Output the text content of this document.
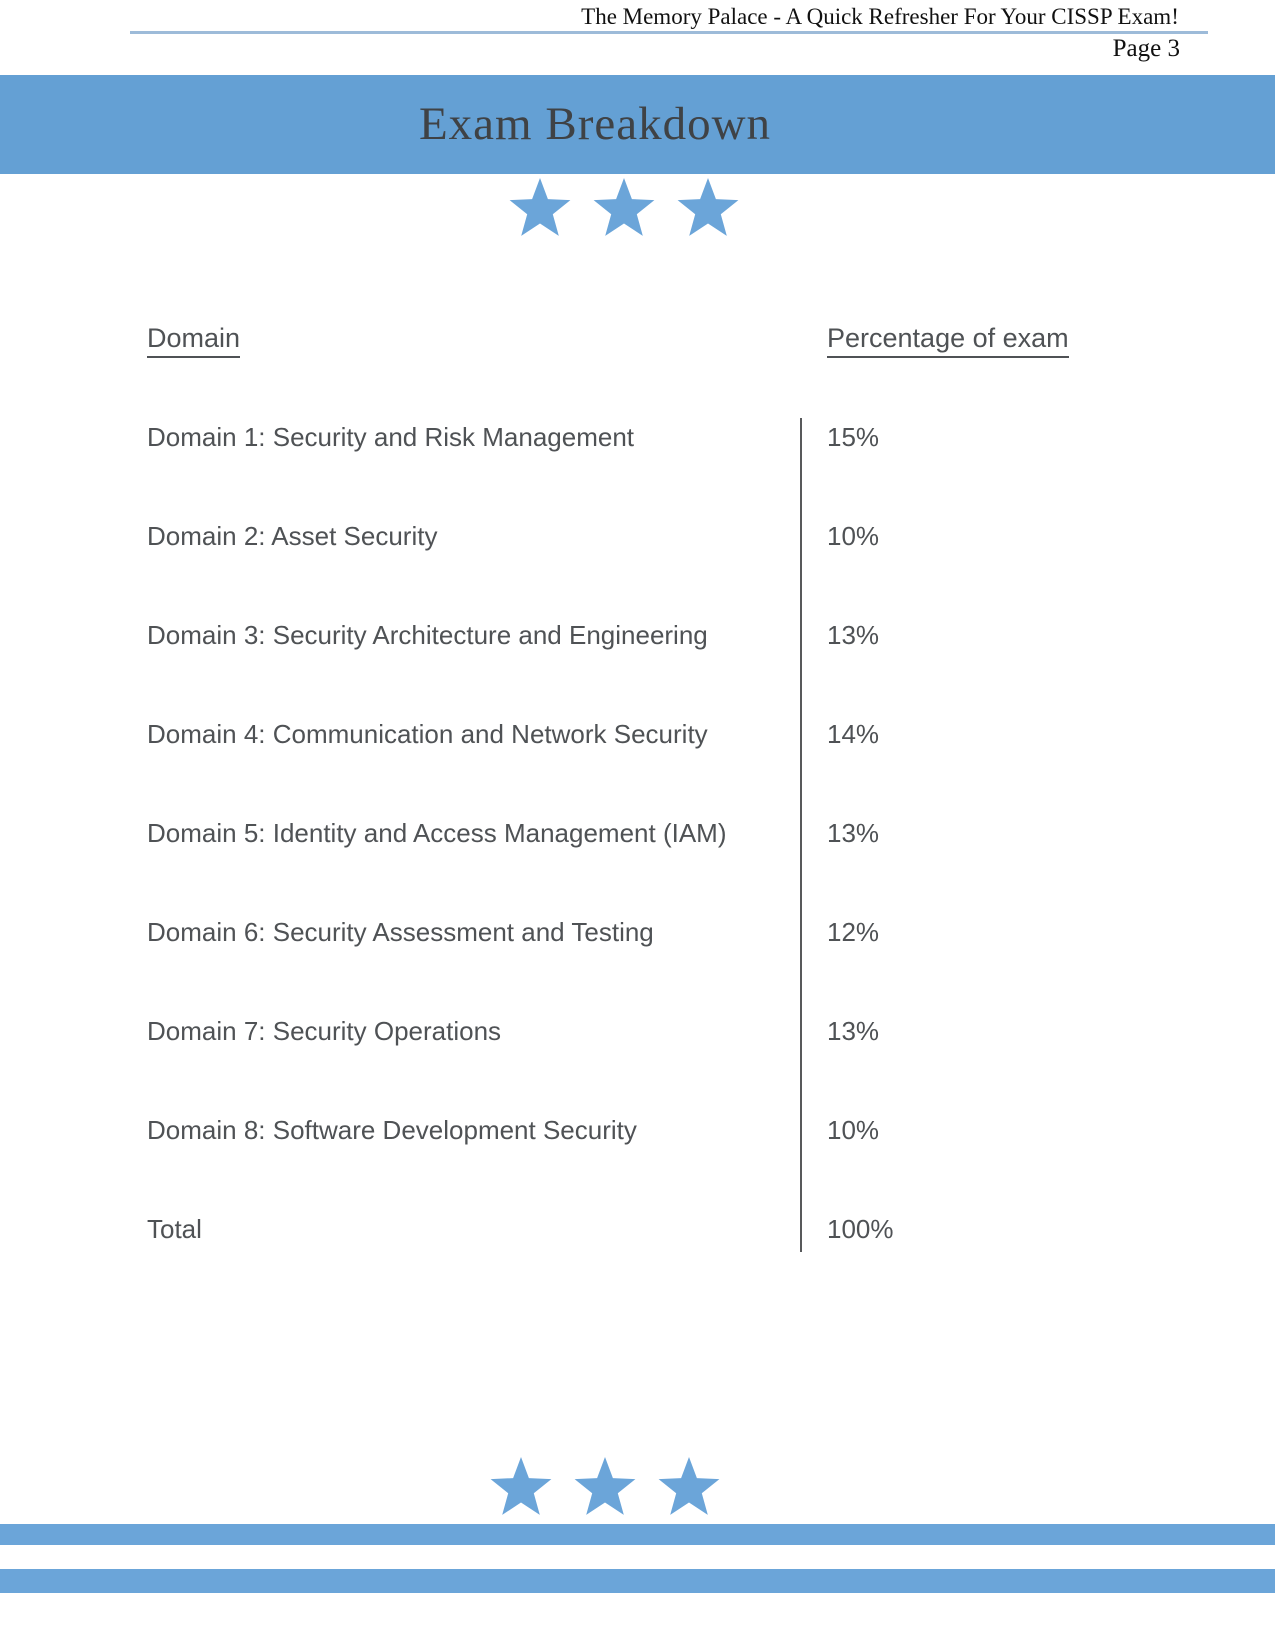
The Memory Palace - A Quick Refresher For Your CISSP Exam!
Page 3
Exam Breakdown
Domain	Percentage of exam
Domain 1: Security and Risk Management	15%
Domain 2: Asset Security	10%
Domain 3: Security Architecture and Engineering	13%
Domain 4: Communication and Network Security	14%
Domain 5: Identity and Access Management (IAM)	13%
Domain 6: Security Assessment and Testing	12%
Domain 7: Security Operations	13%
Domain 8: Software Development Security	10%
Total	100%
